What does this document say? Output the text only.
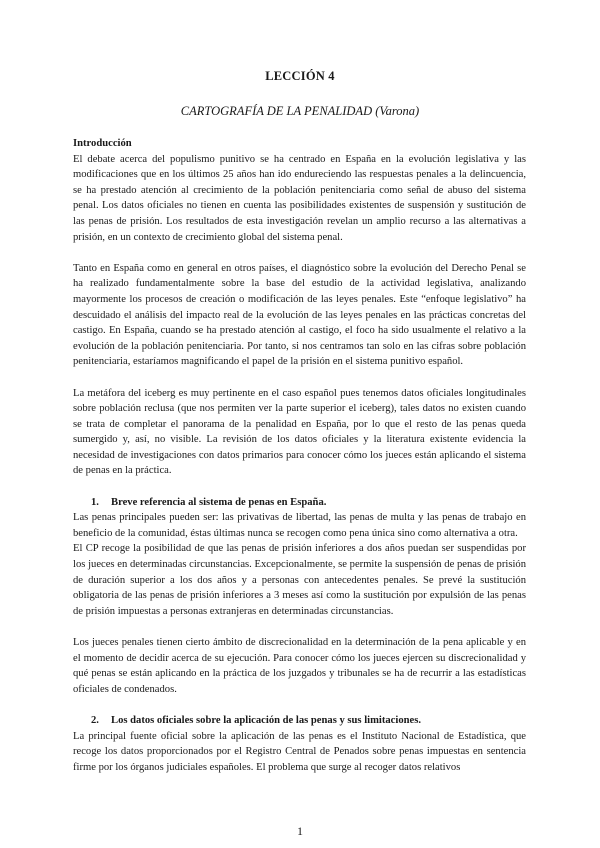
LECCIÓN 4
CARTOGRAFÍA DE LA PENALIDAD (Varona)

Introducción

El debate acerca del populismo punitivo se ha centrado en España en la evolución legislativa y las modificaciones que en los últimos 25 años han ido endureciendo las respuestas penales a la delincuencia, se ha prestado atención al crecimiento de la población penitenciaria como señal de abuso del sistema penal. Los datos oficiales no tienen en cuenta las posibilidades existentes de suspensión y sustitución de las penas de prisión. Los resultados de esta investigación revelan un amplio recurso a las alternativas a prisión, en un contexto de crecimiento global del sistema penal.

Tanto en España como en general en otros países, el diagnóstico sobre la evolución del Derecho Penal se ha realizado fundamentalmente sobre la base del estudio de la actividad legislativa, analizando mayormente los procesos de creación o modificación de las leyes penales. Este “enfoque legislativo” ha descuidado el análisis del impacto real de la evolución de las leyes penales en las prácticas concretas del castigo. En España, cuando se ha prestado atención al castigo, el foco ha sido usualmente el relativo a la evolución de la población penitenciaria. Por tanto, si nos centramos tan solo en las cifras sobre población penitenciaria, estaríamos magnificando el papel de la prisión en el sistema punitivo español.

La metáfora del iceberg es muy pertinente en el caso español pues tenemos datos oficiales longitudinales sobre población reclusa (que nos permiten ver la parte superior el iceberg), tales datos no existen cuando se trata de completar el panorama de la penalidad en España, por lo que el resto de las penas queda sumergido y, así, no visible. La revisión de los datos oficiales y la literatura existente evidencia la necesidad de investigaciones con datos primarios para conocer cómo los jueces están aplicando el sistema de penas en la práctica.

1. Breve referencia al sistema de penas en España.

Las penas principales pueden ser: las privativas de libertad, las penas de multa y las penas de trabajo en beneficio de la comunidad, éstas últimas nunca se recogen como pena única sino como alternativa a otra.

El CP recoge la posibilidad de que las penas de prisión inferiores a dos años puedan ser suspendidas por los jueces en determinadas circunstancias. Excepcionalmente, se permite la suspensión de penas de prisión de duración superior a los dos años y a personas con antecedentes penales. Se prevé la sustitución obligatoria de las penas de prisión inferiores a 3 meses así como la sustitución por expulsión de las penas de prisión impuestas a personas extranjeras en determinadas circunstancias.

Los jueces penales tienen cierto ámbito de discrecionalidad en la determinación de la pena aplicable y en el momento de decidir acerca de su ejecución. Para conocer cómo los jueces ejercen su discrecionalidad y qué penas se están aplicando en la práctica de los juzgados y tribunales se ha de recurrir a las estadísticas oficiales de condenados.

2. Los datos oficiales sobre la aplicación de las penas y sus limitaciones.

La principal fuente oficial sobre la aplicación de las penas es el Instituto Nacional de Estadística, que recoge los datos proporcionados por el Registro Central de Penados sobre penas impuestas en sentencia firme por los órganos judiciales españoles. El problema que surge al recoger datos relativos

1
